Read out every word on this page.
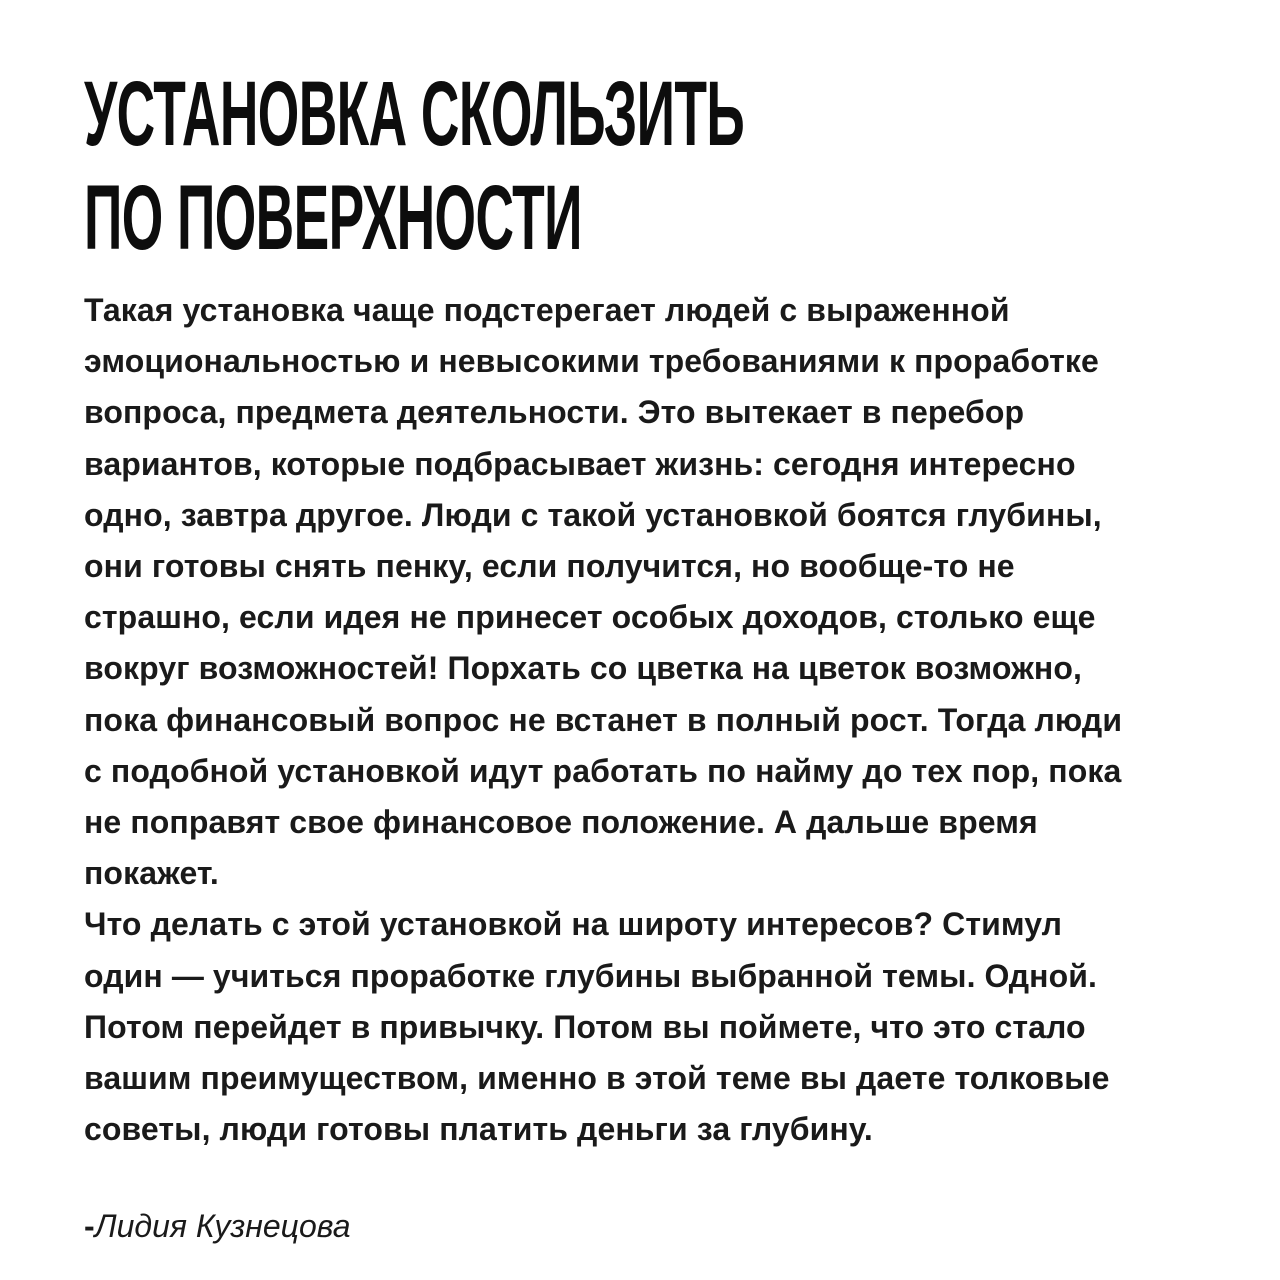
УСТАНОВКА СКОЛЬЗИТЬ
ПО ПОВЕРХНОСТИ
Такая установка чаще подстерегает людей с выраженной
эмоциональностью и невысокими требованиями к проработке
вопроса, предмета деятельности. Это вытекает в перебор
вариантов, которые подбрасывает жизнь: сегодня интересно
одно, завтра другое. Люди с такой установкой боятся глубины,
они готовы снять пенку, если получится, но вообще-то не
страшно, если идея не принесет особых доходов, столько еще
вокруг возможностей! Порхать со цветка на цветок возможно,
пока финансовый вопрос не встанет в полный рост. Тогда люди
с подобной установкой идут работать по найму до тех пор, пока
не поправят свое финансовое положение. А дальше время
покажет.
Что делать с этой установкой на широту интересов? Стимул
один — учиться проработке глубины выбранной темы. Одной.
Потом перейдет в привычку. Потом вы поймете, что это стало
вашим преимуществом, именно в этой теме вы даете толковые
советы, люди готовы платить деньги за глубину.
-Лидия Кузнецова
